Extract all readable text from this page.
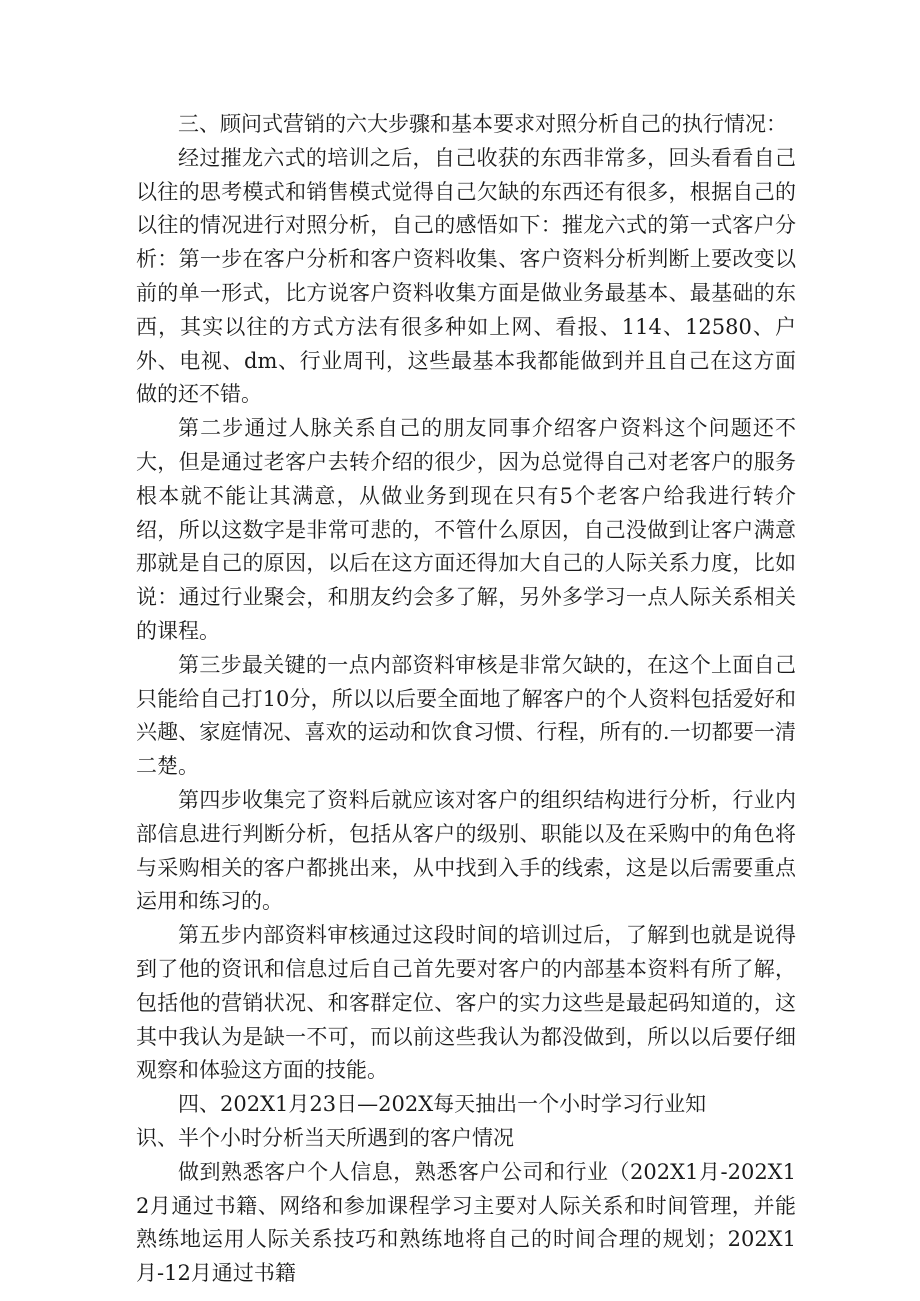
三、顾问式营销的六大步骤和基本要求对照分析自己的执行情况：

经过摧龙六式的培训之后，自己收获的东西非常多，回头看看自己以往的思考模式和销售模式觉得自己欠缺的东西还有很多，根据自己的以往的情况进行对照分析，自己的感悟如下：摧龙六式的第一式客户分析：第一步在客户分析和客户资料收集、客户资料分析判断上要改变以前的单一形式，比方说客户资料收集方面是做业务最基本、最基础的东西，其实以往的方式方法有很多种如上网、看报、114、12580、户外、电视、dm、行业周刊，这些最基本我都能做到并且自己在这方面做的还不错。

第二步通过人脉关系自己的朋友同事介绍客户资料这个问题还不大，但是通过老客户去转介绍的很少，因为总觉得自己对老客户的服务根本就不能让其满意，从做业务到现在只有5个老客户给我进行转介绍，所以这数字是非常可悲的，不管什么原因，自己没做到让客户满意那就是自己的原因，以后在这方面还得加大自己的人际关系力度，比如说：通过行业聚会，和朋友约会多了解，另外多学习一点人际关系相关的课程。

第三步最关键的一点内部资料审核是非常欠缺的，在这个上面自己只能给自己打10分，所以以后要全面地了解客户的个人资料包括爱好和兴趣、家庭情况、喜欢的运动和饮食习惯、行程，所有的.一切都要一清二楚。

第四步收集完了资料后就应该对客户的组织结构进行分析，行业内部信息进行判断分析，包括从客户的级别、职能以及在采购中的角色将与采购相关的客户都挑出来，从中找到入手的线索，这是以后需要重点运用和练习的。

第五步内部资料审核通过这段时间的培训过后，了解到也就是说得到了他的资讯和信息过后自己首先要对客户的内部基本资料有所了解，包括他的营销状况、和客群定位、客户的实力这些是最起码知道的，这其中我认为是缺一不可，而以前这些我认为都没做到，所以以后要仔细观察和体验这方面的技能。

四、202X1月23日—202X每天抽出一个小时学习行业知识、半个小时分析当天所遇到的客户情况

做到熟悉客户个人信息，熟悉客户公司和行业（202X1月-202X12月通过书籍、网络和参加课程学习主要对人际关系和时间管理，并能熟练地运用人际关系技巧和熟练地将自己的时间合理的规划；202X1月-12月通过书籍
